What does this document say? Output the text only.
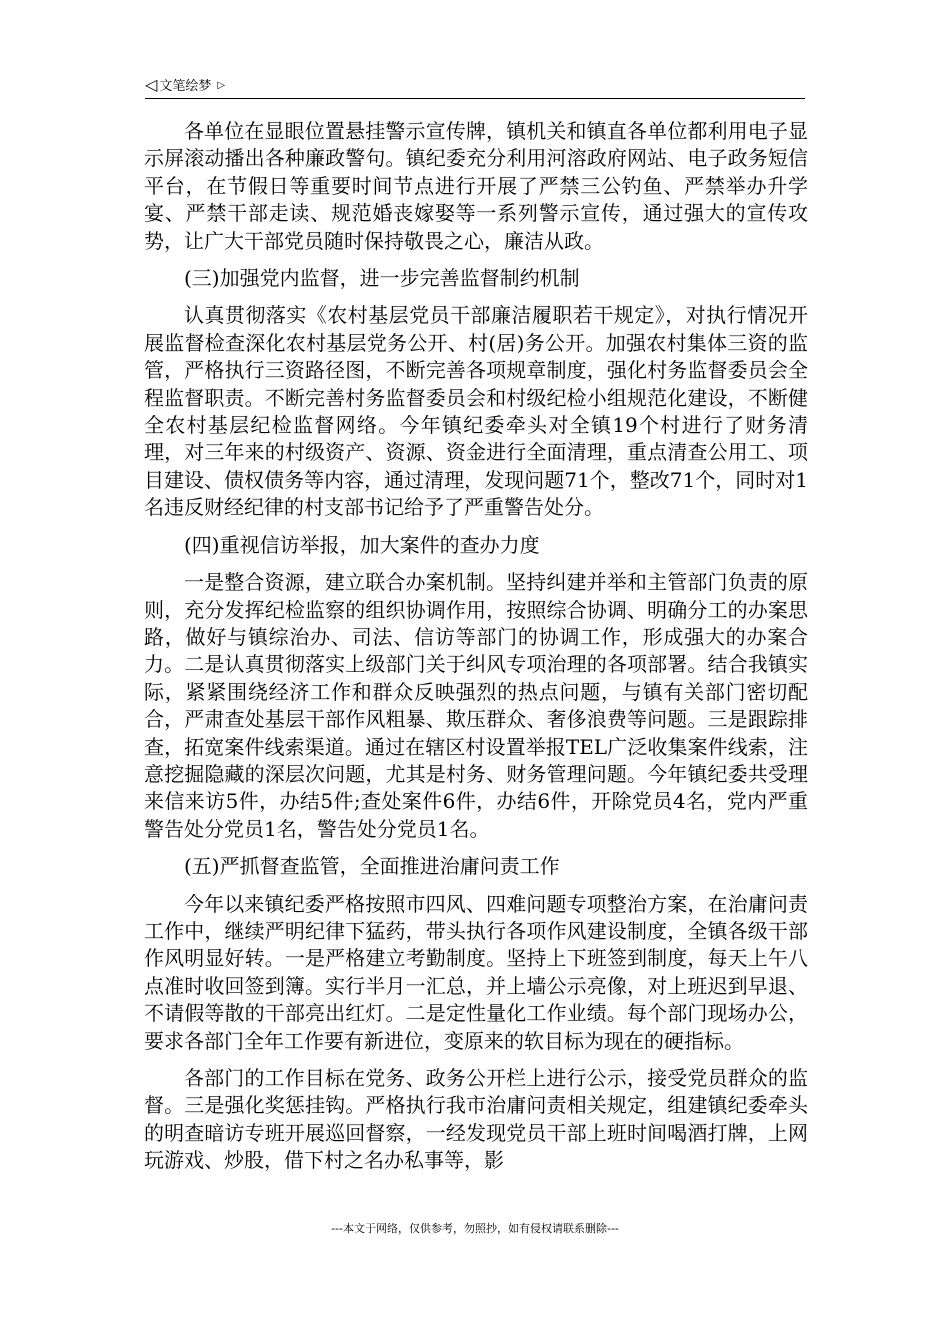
◁ 文笔绘梦 ▷

各单位在显眼位置悬挂警示宣传牌，镇机关和镇直各单位都利用电子显示屏滚动播出各种廉政警句。镇纪委充分利用河溶政府网站、电子政务短信平台，在节假日等重要时间节点进行开展了严禁三公钓鱼、严禁举办升学宴、严禁干部走读、规范婚丧嫁娶等一系列警示宣传，通过强大的宣传攻势，让广大干部党员随时保持敬畏之心，廉洁从政。

(三)加强党内监督，进一步完善监督制约机制

认真贯彻落实《农村基层党员干部廉洁履职若干规定》，对执行情况开展监督检查深化农村基层党务公开、村(居)务公开。加强农村集体三资的监管，严格执行三资路径图，不断完善各项规章制度，强化村务监督委员会全程监督职责。不断完善村务监督委员会和村级纪检小组规范化建设，不断健全农村基层纪检监督网络。今年镇纪委牵头对全镇19个村进行了财务清理，对三年来的村级资产、资源、资金进行全面清理，重点清查公用工、项目建设、债权债务等内容，通过清理，发现问题71个，整改71个，同时对1名违反财经纪律的村支部书记给予了严重警告处分。

(四)重视信访举报，加大案件的查办力度

一是整合资源，建立联合办案机制。坚持纠建并举和主管部门负责的原则，充分发挥纪检监察的组织协调作用，按照综合协调、明确分工的办案思路，做好与镇综治办、司法、信访等部门的协调工作，形成强大的办案合力。二是认真贯彻落实上级部门关于纠风专项治理的各项部署。结合我镇实际，紧紧围绕经济工作和群众反映强烈的热点问题，与镇有关部门密切配合，严肃查处基层干部作风粗暴、欺压群众、奢侈浪费等问题。三是跟踪排查，拓宽案件线索渠道。通过在辖区村设置举报TEL广泛收集案件线索，注意挖掘隐藏的深层次问题，尤其是村务、财务管理问题。今年镇纪委共受理来信来访5件，办结5件;查处案件6件，办结6件，开除党员4名，党内严重警告处分党员1名，警告处分党员1名。

(五)严抓督查监管，全面推进治庸问责工作

今年以来镇纪委严格按照市四风、四难问题专项整治方案，在治庸问责工作中，继续严明纪律下猛药，带头执行各项作风建设制度，全镇各级干部作风明显好转。一是严格建立考勤制度。坚持上下班签到制度，每天上午八点准时收回签到簿。实行半月一汇总，并上墙公示亮像，对上班迟到早退、不请假等散的干部亮出红灯。二是定性量化工作业绩。每个部门现场办公，要求各部门全年工作要有新进位，变原来的软目标为现在的硬指标。

各部门的工作目标在党务、政务公开栏上进行公示，接受党员群众的监督。三是强化奖惩挂钩。严格执行我市治庸问责相关规定，组建镇纪委牵头的明查暗访专班开展巡回督察，一经发现党员干部上班时间喝酒打牌，上网玩游戏、炒股，借下村之名办私事等，影

---本文于网络，仅供参考，勿照抄，如有侵权请联系删除---
